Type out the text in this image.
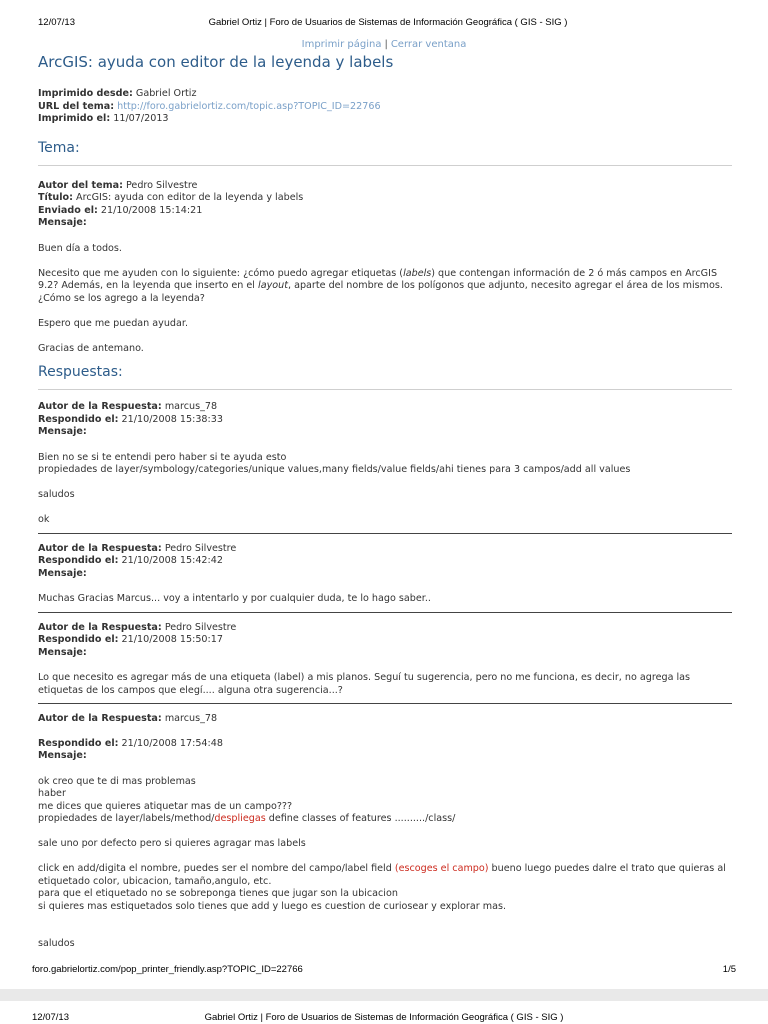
12/07/13	Gabriel Ortiz | Foro de Usuarios de Sistemas de Información Geográfica ( GIS - SIG )
Imprimir página | Cerrar ventana
ArcGIS: ayuda con editor de la leyenda y labels
Imprimido desde: Gabriel Ortiz
URL del tema: http://foro.gabrielortiz.com/topic.asp?TOPIC_ID=22766
Imprimido el: 11/07/2013
Tema:
Autor del tema: Pedro Silvestre
Título: ArcGIS: ayuda con editor de la leyenda y labels
Enviado el: 21/10/2008 15:14:21
Mensaje:

Buen día a todos.

Necesito que me ayuden con lo siguiente: ¿cómo puedo agregar etiquetas (labels) que contengan información de 2 ó más campos en ArcGIS 9.2? Además, en la leyenda que inserto en el layout, aparte del nombre de los polígonos que adjunto, necesito agregar el área de los mismos. ¿Cómo se los agrego a la leyenda?

Espero que me puedan ayudar.

Gracias de antemano.

Respuestas:
Autor de la Respuesta: marcus_78
Respondido el: 21/10/2008 15:38:33
Mensaje:
Bien no se si te entendi pero haber si te ayuda esto

propiedades de layer/symbology/categories/unique values,many fields/value fields/ahi tienes para 3 campos/add all values

saludos

ok
Autor de la Respuesta: Pedro Silvestre
Respondido el: 21/10/2008 15:42:42
Mensaje:
Muchas Gracias Marcus... voy a intentarlo y por cualquier duda, te lo hago saber..
Autor de la Respuesta: Pedro Silvestre
Respondido el: 21/10/2008 15:50:17
Mensaje:
Lo que necesito es agregar más de una etiqueta (label) a mis planos. Seguí tu sugerencia, pero no me funciona, es decir, no agrega las etiquetas de los campos que elegí.... alguna otra sugerencia...?
Autor de la Respuesta: marcus_78
Respondido el: 21/10/2008 17:54:48
Mensaje:
ok creo que te di mas problemas
haber
me dices que quieres atiquetar mas de un campo???

propiedades de layer/labels/method/despliegas define classes of features ........../class/

sale uno por defecto pero si quieres agragar mas labels

click en add/digita el nombre, puedes ser el nombre del campo/label field (escoges el campo) bueno luego puedes dalre el trato que quieras al etiquetado color, ubicacion, tamaño,angulo, etc.
para que el etiquetado no se sobreponga tienes que jugar son la ubicacion
si quieres mas estiquetados solo tienes que add y luego es cuestion de curiosear y explorar mas.
saludos
foro.gabrielortiz.com/pop_printer_friendly.asp?TOPIC_ID=22766	1/5
12/07/13	Gabriel Ortiz | Foro de Usuarios de Sistemas de Información Geográfica ( GIS - SIG )
